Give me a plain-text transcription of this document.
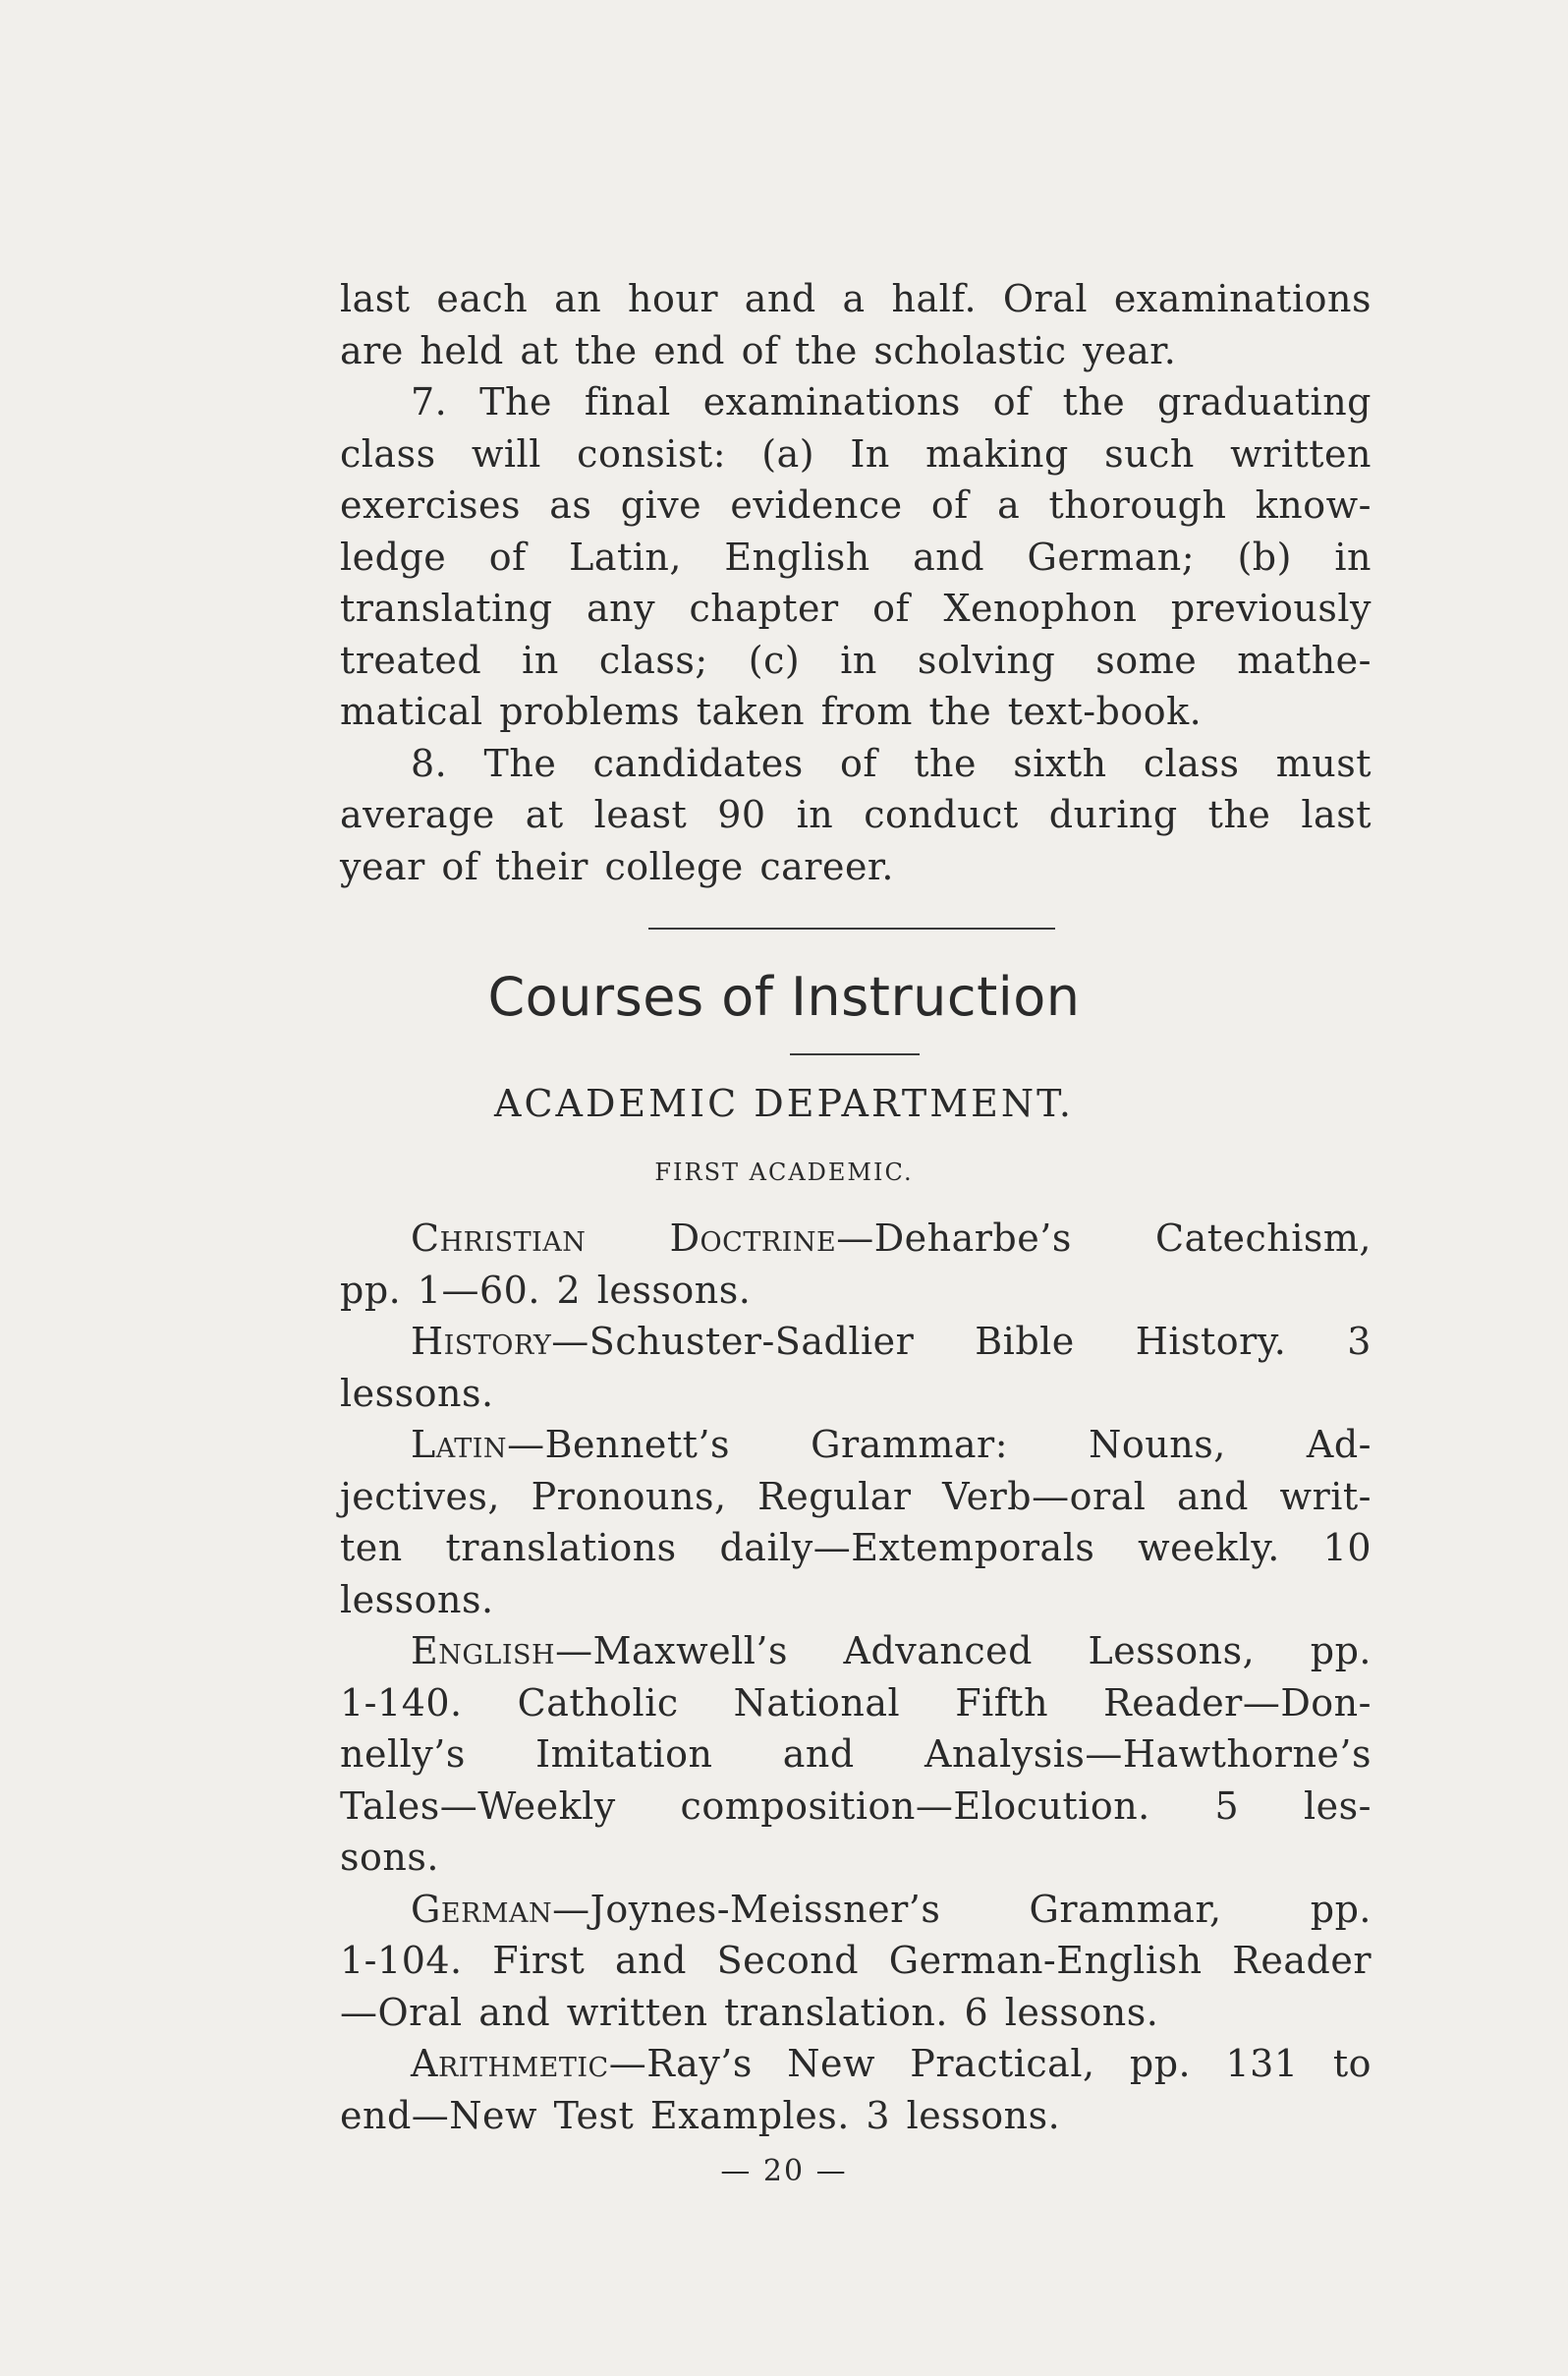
last each an hour and a half. Oral examinations
are held at the end of the scholastic year.
7. The final examinations of the graduating
class will consist: (a) In making such written
exercises as give evidence of a thorough know-
ledge of Latin, English and German; (b) in
translating any chapter of Xenophon previously
treated in class; (c) in solving some mathe-
matical problems taken from the text-book.
8. The candidates of the sixth class must
average at least 90 in conduct during the last
year of their college career.
Courses of Instruction
ACADEMIC DEPARTMENT.
FIRST ACADEMIC.
Christian Doctrine—Deharbe’s Catechism,
pp. 1—60. 2 lessons.
History—Schuster-Sadlier Bible History. 3
lessons.
Latin—Bennett’s Grammar: Nouns, Ad-
jectives, Pronouns, Regular Verb—oral and writ-
ten translations daily—Extemporals weekly. 10
lessons.
English—Maxwell’s Advanced Lessons, pp.
1-140. Catholic National Fifth Reader—Don-
nelly’s Imitation and Analysis—Hawthorne’s
Tales—Weekly composition—Elocution. 5 les-
sons.
German—Joynes-Meissner’s Grammar, pp.
1-104. First and Second German-English Reader
—Oral and written translation. 6 lessons.
Arithmetic—Ray’s New Practical, pp. 131 to
end—New Test Examples. 3 lessons.
— 20 —
